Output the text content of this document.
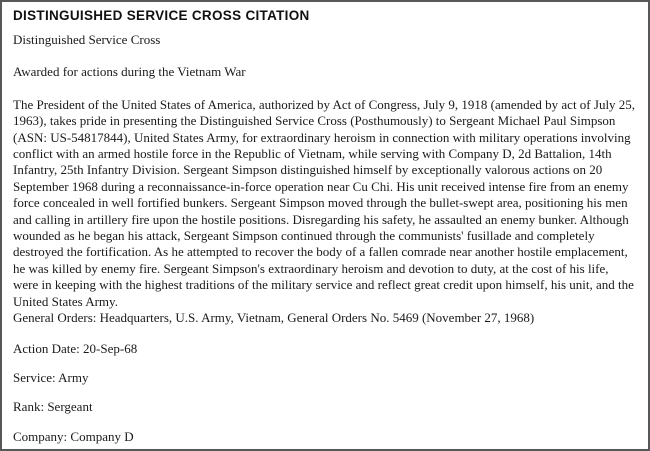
DISTINGUISHED SERVICE CROSS CITATION

Distinguished Service Cross

Awarded for actions during the Vietnam War

The President of the United States of America, authorized by Act of Congress, July 9, 1918 (amended by act of July 25, 1963), takes pride in presenting the Distinguished Service Cross (Posthumously) to Sergeant Michael Paul Simpson (ASN: US-54817844), United States Army, for extraordinary heroism in connection with military operations involving conflict with an armed hostile force in the Republic of Vietnam, while serving with Company D, 2d Battalion, 14th Infantry, 25th Infantry Division. Sergeant Simpson distinguished himself by exceptionally valorous actions on 20 September 1968 during a reconnaissance-in-force operation near Cu Chi. His unit received intense fire from an enemy force concealed in well fortified bunkers. Sergeant Simpson moved through the bullet-swept area, positioning his men and calling in artillery fire upon the hostile positions. Disregarding his safety, he assaulted an enemy bunker. Although wounded as he began his attack, Sergeant Simpson continued through the communists' fusillade and completely destroyed the fortification. As he attempted to recover the body of a fallen comrade near another hostile emplacement, he was killed by enemy fire. Sergeant Simpson's extraordinary heroism and devotion to duty, at the cost of his life, were in keeping with the highest traditions of the military service and reflect great credit upon himself, his unit, and the United States Army.

General Orders: Headquarters, U.S. Army, Vietnam, General Orders No. 5469 (November 27, 1968)

Action Date: 20-Sep-68

Service: Army

Rank: Sergeant

Company: Company D
